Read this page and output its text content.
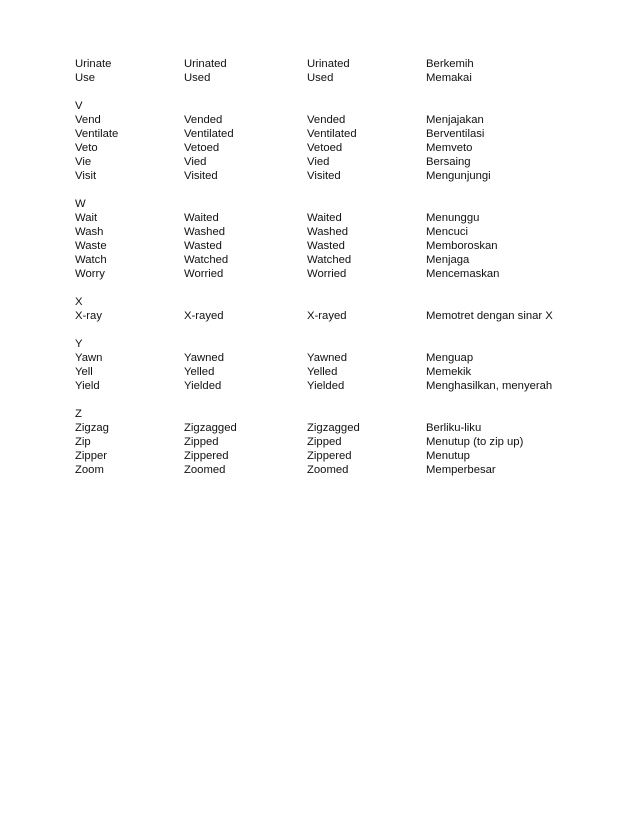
Urinate	Urinated	Urinated	Berkemih
Use	Used	Used	Memakai
V
Vend	Vended	Vended	Menjajakan
Ventilate	Ventilated	Ventilated	Berventilasi
Veto	Vetoed	Vetoed	Memveto
Vie	Vied	Vied	Bersaing
Visit	Visited	Visited	Mengunjungi
W
Wait	Waited	Waited	Menunggu
Wash	Washed	Washed	Mencuci
Waste	Wasted	Wasted	Memboroskan
Watch	Watched	Watched	Menjaga
Worry	Worried	Worried	Mencemaskan
X
X-ray	X-rayed	X-rayed	Memotret dengan sinar X
Y
Yawn	Yawned	Yawned	Menguap
Yell	Yelled	Yelled	Memekik
Yield	Yielded	Yielded	Menghasilkan, menyerah
Z
Zigzag	Zigzagged	Zigzagged	Berliku-liku
Zip	Zipped	Zipped	Menutup (to zip up)
Zipper	Zippered	Zippered	Menutup
Zoom	Zoomed	Zoomed	Memperbesar
